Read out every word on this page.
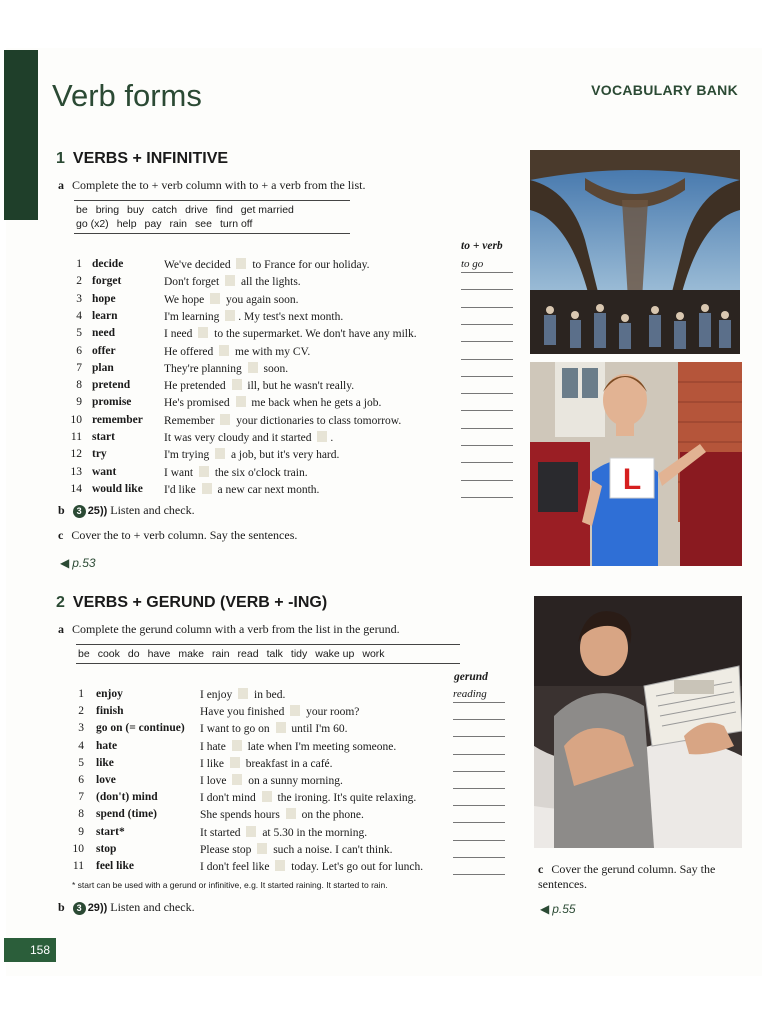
Verb forms	VOCABULARY BANK
1 VERBS + INFINITIVE
a Complete the to + verb column with to + a verb from the list.
be bring buy catch drive find get married
go (x2) help pay rain see turn off
to + verb
1 decide	We've decided  to France for our holiday.	to go
2 forget	Don't forget  all the lights.
3 hope	We hope  you again soon.
4 learn	I'm learning . My test's next month.
5 need	I need  to the supermarket. We don't have any milk.
6 offer	He offered  me with my CV.
7 plan	They're planning  soon.
8 pretend	He pretended  ill, but he wasn't really.
9 promise	He's promised  me back when he gets a job.
10 remember Remember  your dictionaries to class tomorrow.
11 start	It was very cloudy and it started .
12 try	I'm trying  a job, but it's very hard.
13 want	I want  the six o'clock train.
14 would like I'd like  a new car next month.
b 3 25)) Listen and check.
c Cover the to + verb column. Say the sentences.
◀ p.53
L
2 VERBS + GERUND (VERB + -ING)
a Complete the gerund column with a verb from the list in the gerund.
be cook do have make rain read talk tidy wake up work
gerund
1 enjoy	I enjoy  in bed.	reading
2 finish	Have you finished  your room?
3 go on (= continue) I want to go on  until I'm 60.
4 hate	I hate  late when I'm meeting someone.
5 like	I like  breakfast in a café.
6 love	I love  on a sunny morning.
7 (don't) mind	I don't mind  the ironing. It's quite relaxing.
8 spend (time)	She spends hours  on the phone.
9 start*	It started  at 5.30 in the morning.
10 stop	Please stop  such a noise. I can't think.
11 feel like	I don't feel like  today. Let's go out for lunch.
* start can be used with a gerund or infinitive, e.g. It started raining. It started to rain.
b 3 29)) Listen and check.
c Cover the gerund column. Say the sentences.
◀ p.55
158
